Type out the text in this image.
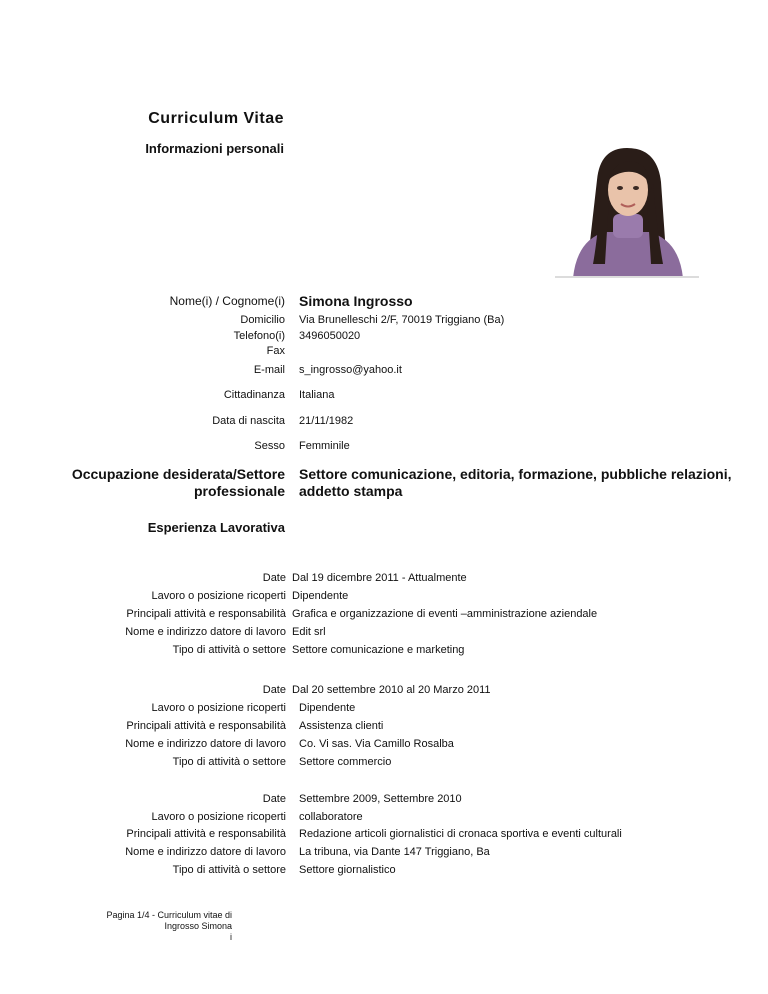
Curriculum Vitae
Informazioni personali
Nome(i) / Cognome(i) Simona Ingrosso
Domicilio Via Brunelleschi 2/F, 70019 Triggiano (Ba)
Telefono(i) 3496050020
Fax
E-mail s_ingrosso@yahoo.it
Cittadinanza Italiana
Data di nascita 21/11/1982
Sesso Femminile
Occupazione desiderata/Settore
professionale
Settore comunicazione, editoria, formazione, pubbliche relazioni,
addetto stampa
Esperienza Lavorativa
Date Dal 19 dicembre 2011 - Attualmente
Lavoro o posizione ricoperti Dipendente
Principali attività e responsabilità Grafica e organizzazione di eventi –amministrazione aziendale
Nome e indirizzo datore di lavoro Edit srl
Tipo di attività o settore Settore comunicazione e marketing
Date Dal 20 settembre 2010 al 20 Marzo 2011
Lavoro o posizione ricoperti Dipendente
Principali attività e responsabilità Assistenza clienti
Nome e indirizzo datore di lavoro Co. Vi sas. Via Camillo Rosalba
Tipo di attività o settore Settore commercio
Date Settembre 2009, Settembre 2010
Lavoro o posizione ricoperti collaboratore
Principali attività e responsabilità Redazione articoli giornalistici di cronaca sportiva e eventi culturali
Nome e indirizzo datore di lavoro La tribuna, via Dante 147 Triggiano, Ba
Tipo di attività o settore Settore giornalistico
Pagina 1/4 - Curriculum vitae di
Ingrosso Simona
i
